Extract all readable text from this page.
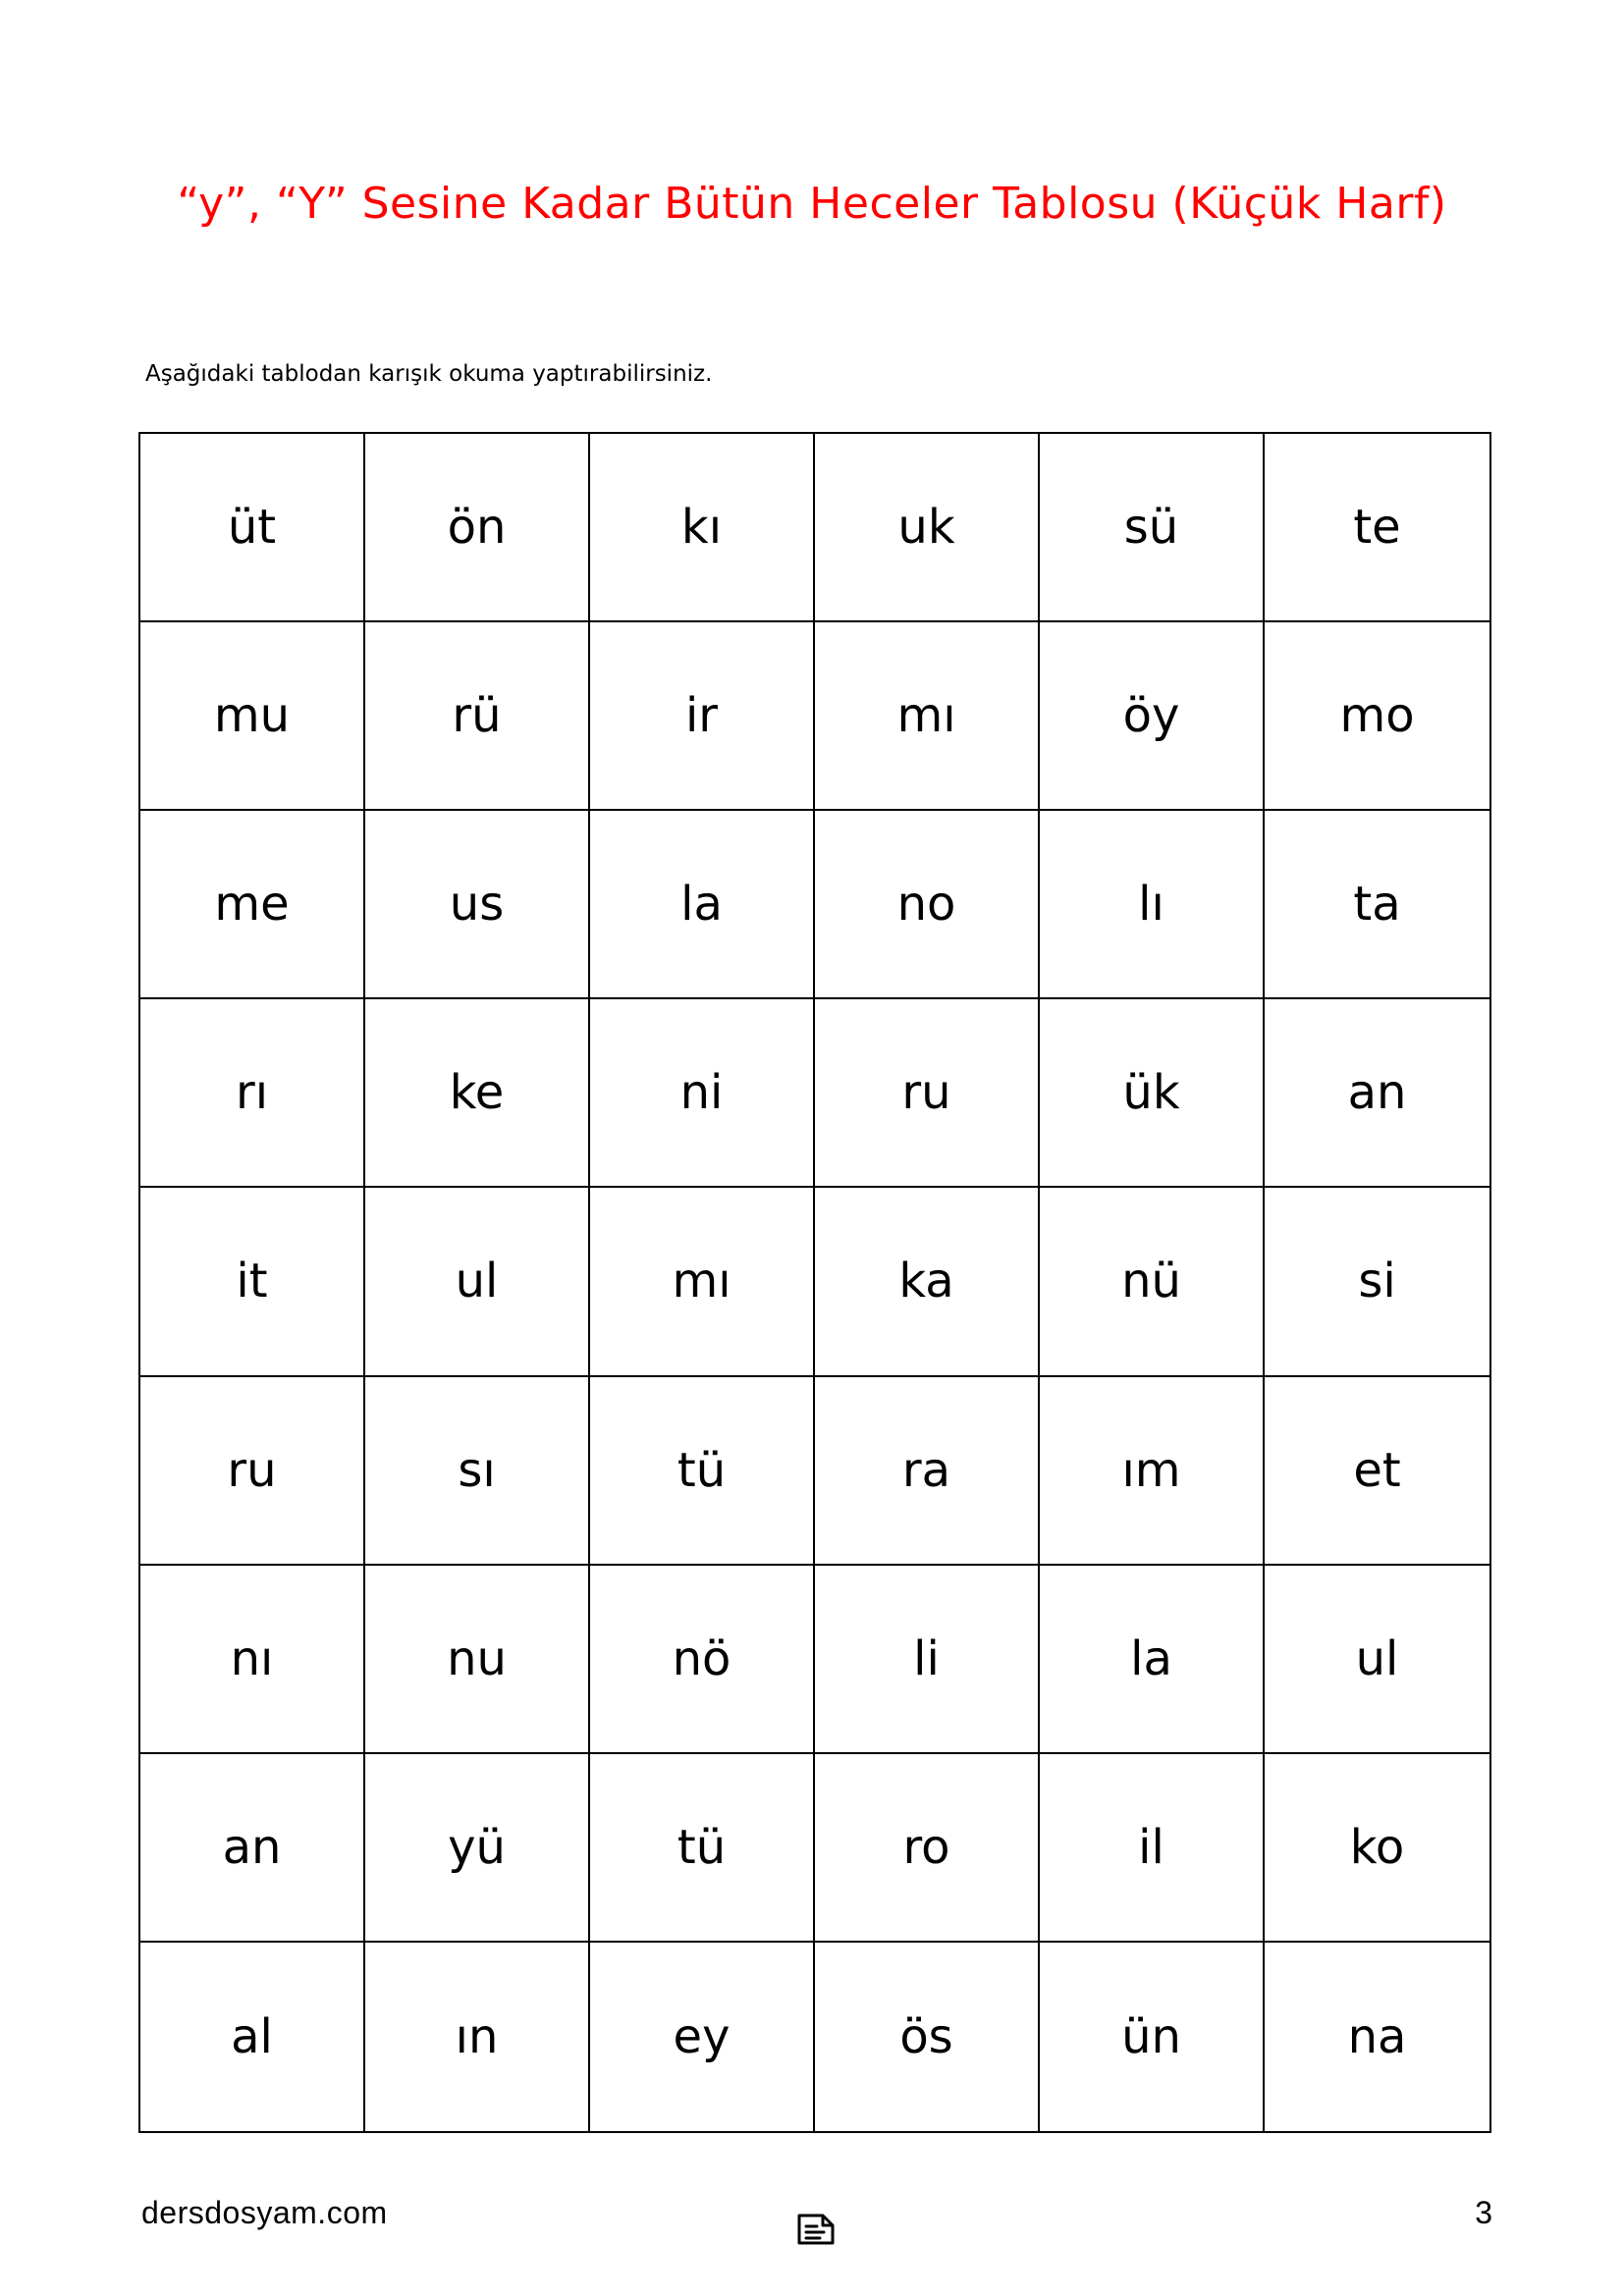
“y”, “Y” Sesine Kadar Bütün Heceler Tablosu (Küçük Harf)
Aşağıdaki tablodan karışık okuma yaptırabilirsiniz.
üt	ön	kı	uk	sü	te
mu	rü	ir	mı	öy	mo
me	us	la	no	lı	ta
rı	ke	ni	ru	ük	an
it	ul	mı	ka	nü	si
ru	sı	tü	ra	ım	et
nı	nu	nö	li	la	ul
an	yü	tü	ro	il	ko
al	ın	ey	ös	ün	na
dersdosyam.com	3
